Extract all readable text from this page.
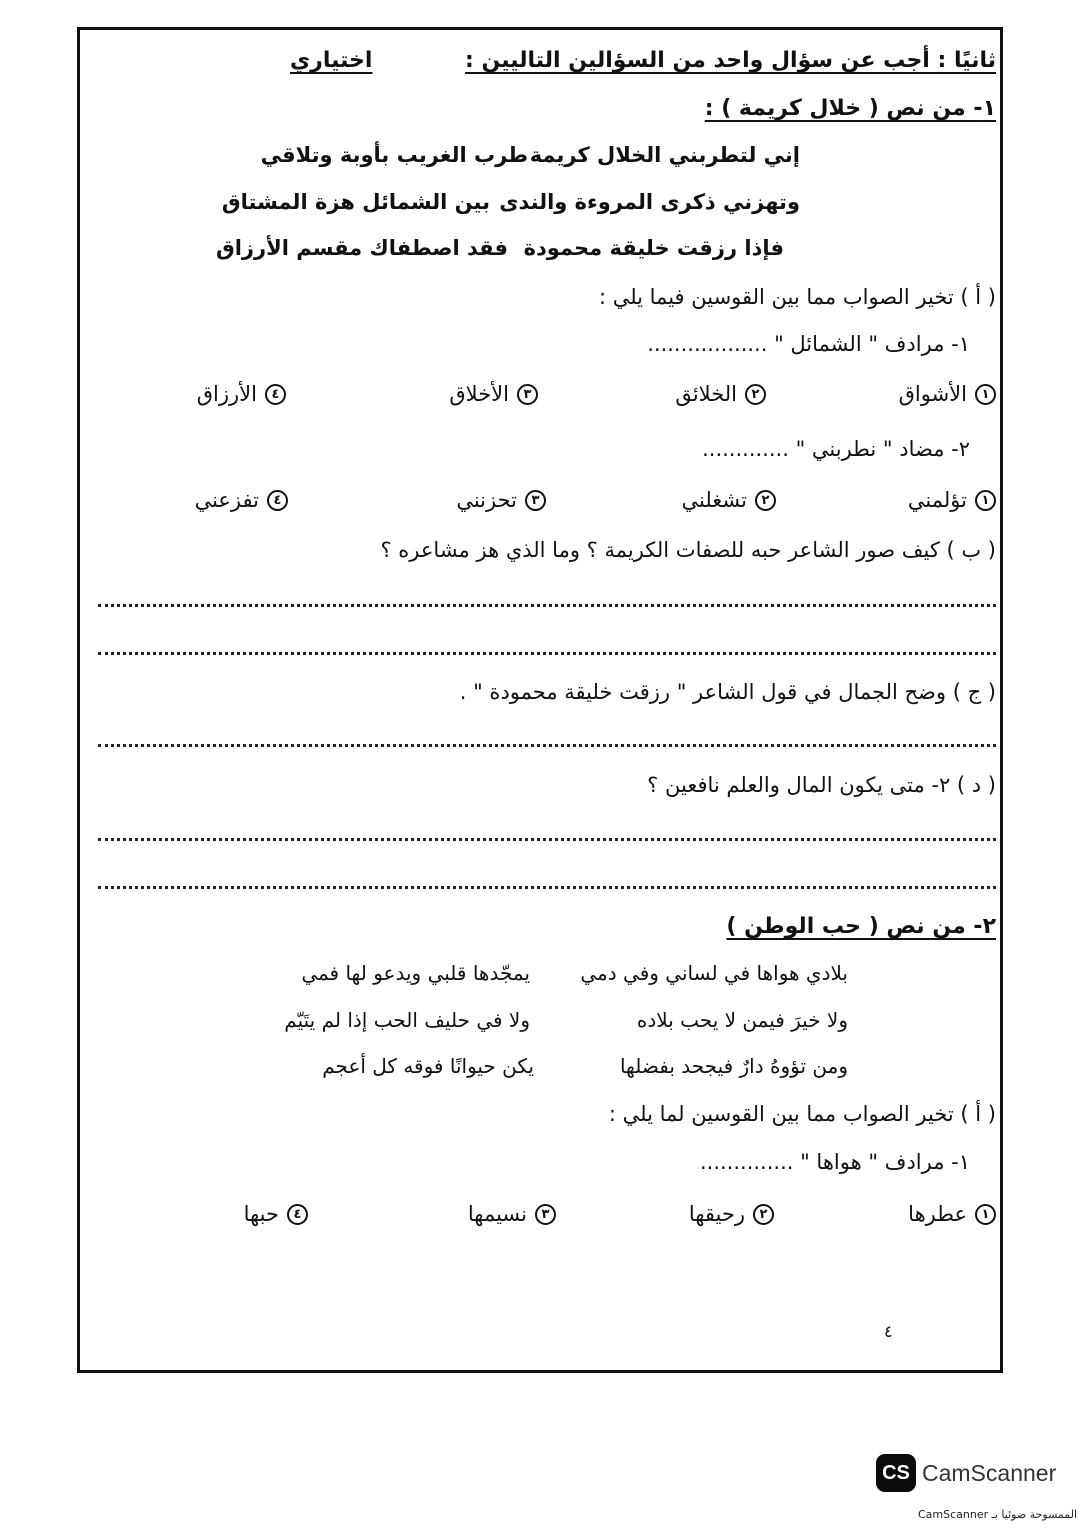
ثانيًا : أجب عن سؤال واحد من السؤالين التاليين :
اختياري
١- من نص ( خلال كريمة ) :
إني لتطربني الخلال كريمة
طرب الغريب بأوبة وتلاقي
وتهزني ذكرى المروءة والندى
بين الشمائل هزة المشتاق
فإذا رزقت خليقة محمودة
فقد اصطفاك مقسم الأرزاق
( أ ) تخير الصواب مما بين القوسين فيما يلي :
١- مرادف " الشمائل " ..................
١
الأشواق
٢
الخلائق
٣
الأخلاق
٤
الأرزاق
٢- مضاد " نطربني " .............
١
تؤلمني
٢
تشغلني
٣
تحزنني
٤
تفزعني
( ب ) كيف صور الشاعر حبه للصفات الكريمة ؟ وما الذي هز مشاعره ؟
( ج ) وضح الجمال في قول الشاعر " رزقت خليقة محمودة " .
( د ) ٢- متى يكون المال والعلم نافعين ؟
٢- من نص ( حب الوطن )
بلادي هواها في لساني وفي دمي
يمجّدها قلبي ويدعو لها فمي
ولا خيرَ فيمن لا يحب بلاده
ولا في حليف الحب إذا لم يتَيّم
ومن تؤوهُ دارٌ فيجحد بفضلها
يكن حيوانًا فوقه كل أعجم
( أ ) تخير الصواب مما بين القوسين لما يلي :
١- مرادف " هواها " ..............
١
عطرها
٢
رحيقها
٣
نسيمها
٤
حبها
٤
CS CamScanner
الممسوحة ضوئيا بـ CamScanner
